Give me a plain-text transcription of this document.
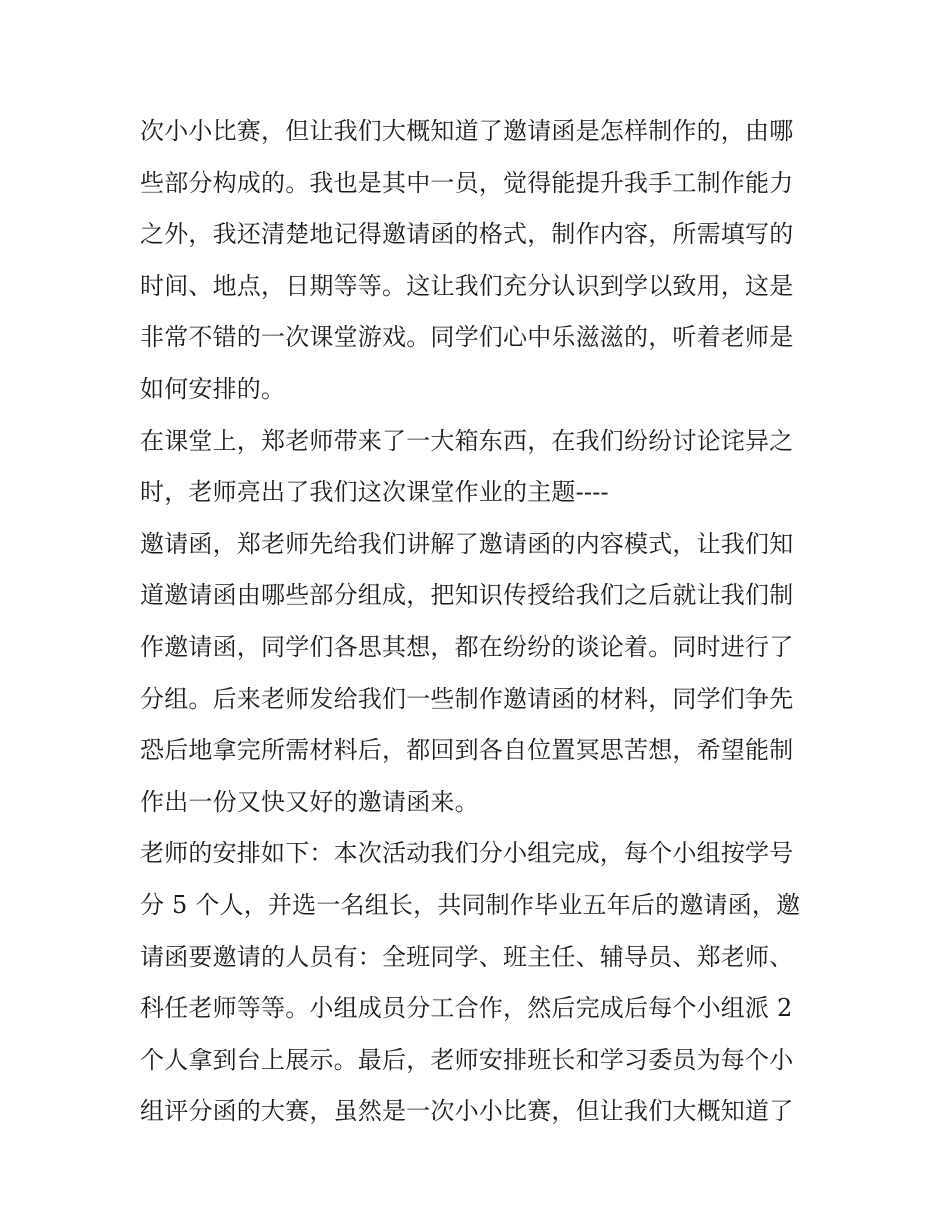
次小小比赛，但让我们大概知道了邀请函是怎样制作的，由哪
些部分构成的。我也是其中一员，觉得能提升我手工制作能力
之外，我还清楚地记得邀请函的格式，制作内容，所需填写的
时间、地点，日期等等。这让我们充分认识到学以致用，这是
非常不错的一次课堂游戏。同学们心中乐滋滋的，听着老师是
如何安排的。
在课堂上，郑老师带来了一大箱东西，在我们纷纷讨论诧异之
时，老师亮出了我们这次课堂作业的主题----
邀请函，郑老师先给我们讲解了邀请函的内容模式，让我们知
道邀请函由哪些部分组成，把知识传授给我们之后就让我们制
作邀请函，同学们各思其想，都在纷纷的谈论着。同时进行了
分组。后来老师发给我们一些制作邀请函的材料，同学们争先
恐后地拿完所需材料后，都回到各自位置冥思苦想，希望能制
作出一份又快又好的邀请函来。
老师的安排如下：本次活动我们分小组完成，每个小组按学号
分 5 个人，并选一名组长，共同制作毕业五年后的邀请函，邀
请函要邀请的人员有：全班同学、班主任、辅导员、郑老师、
科任老师等等。小组成员分工合作，然后完成后每个小组派 2
个人拿到台上展示。最后，老师安排班长和学习委员为每个小
组评分函的大赛，虽然是一次小小比赛，但让我们大概知道了
